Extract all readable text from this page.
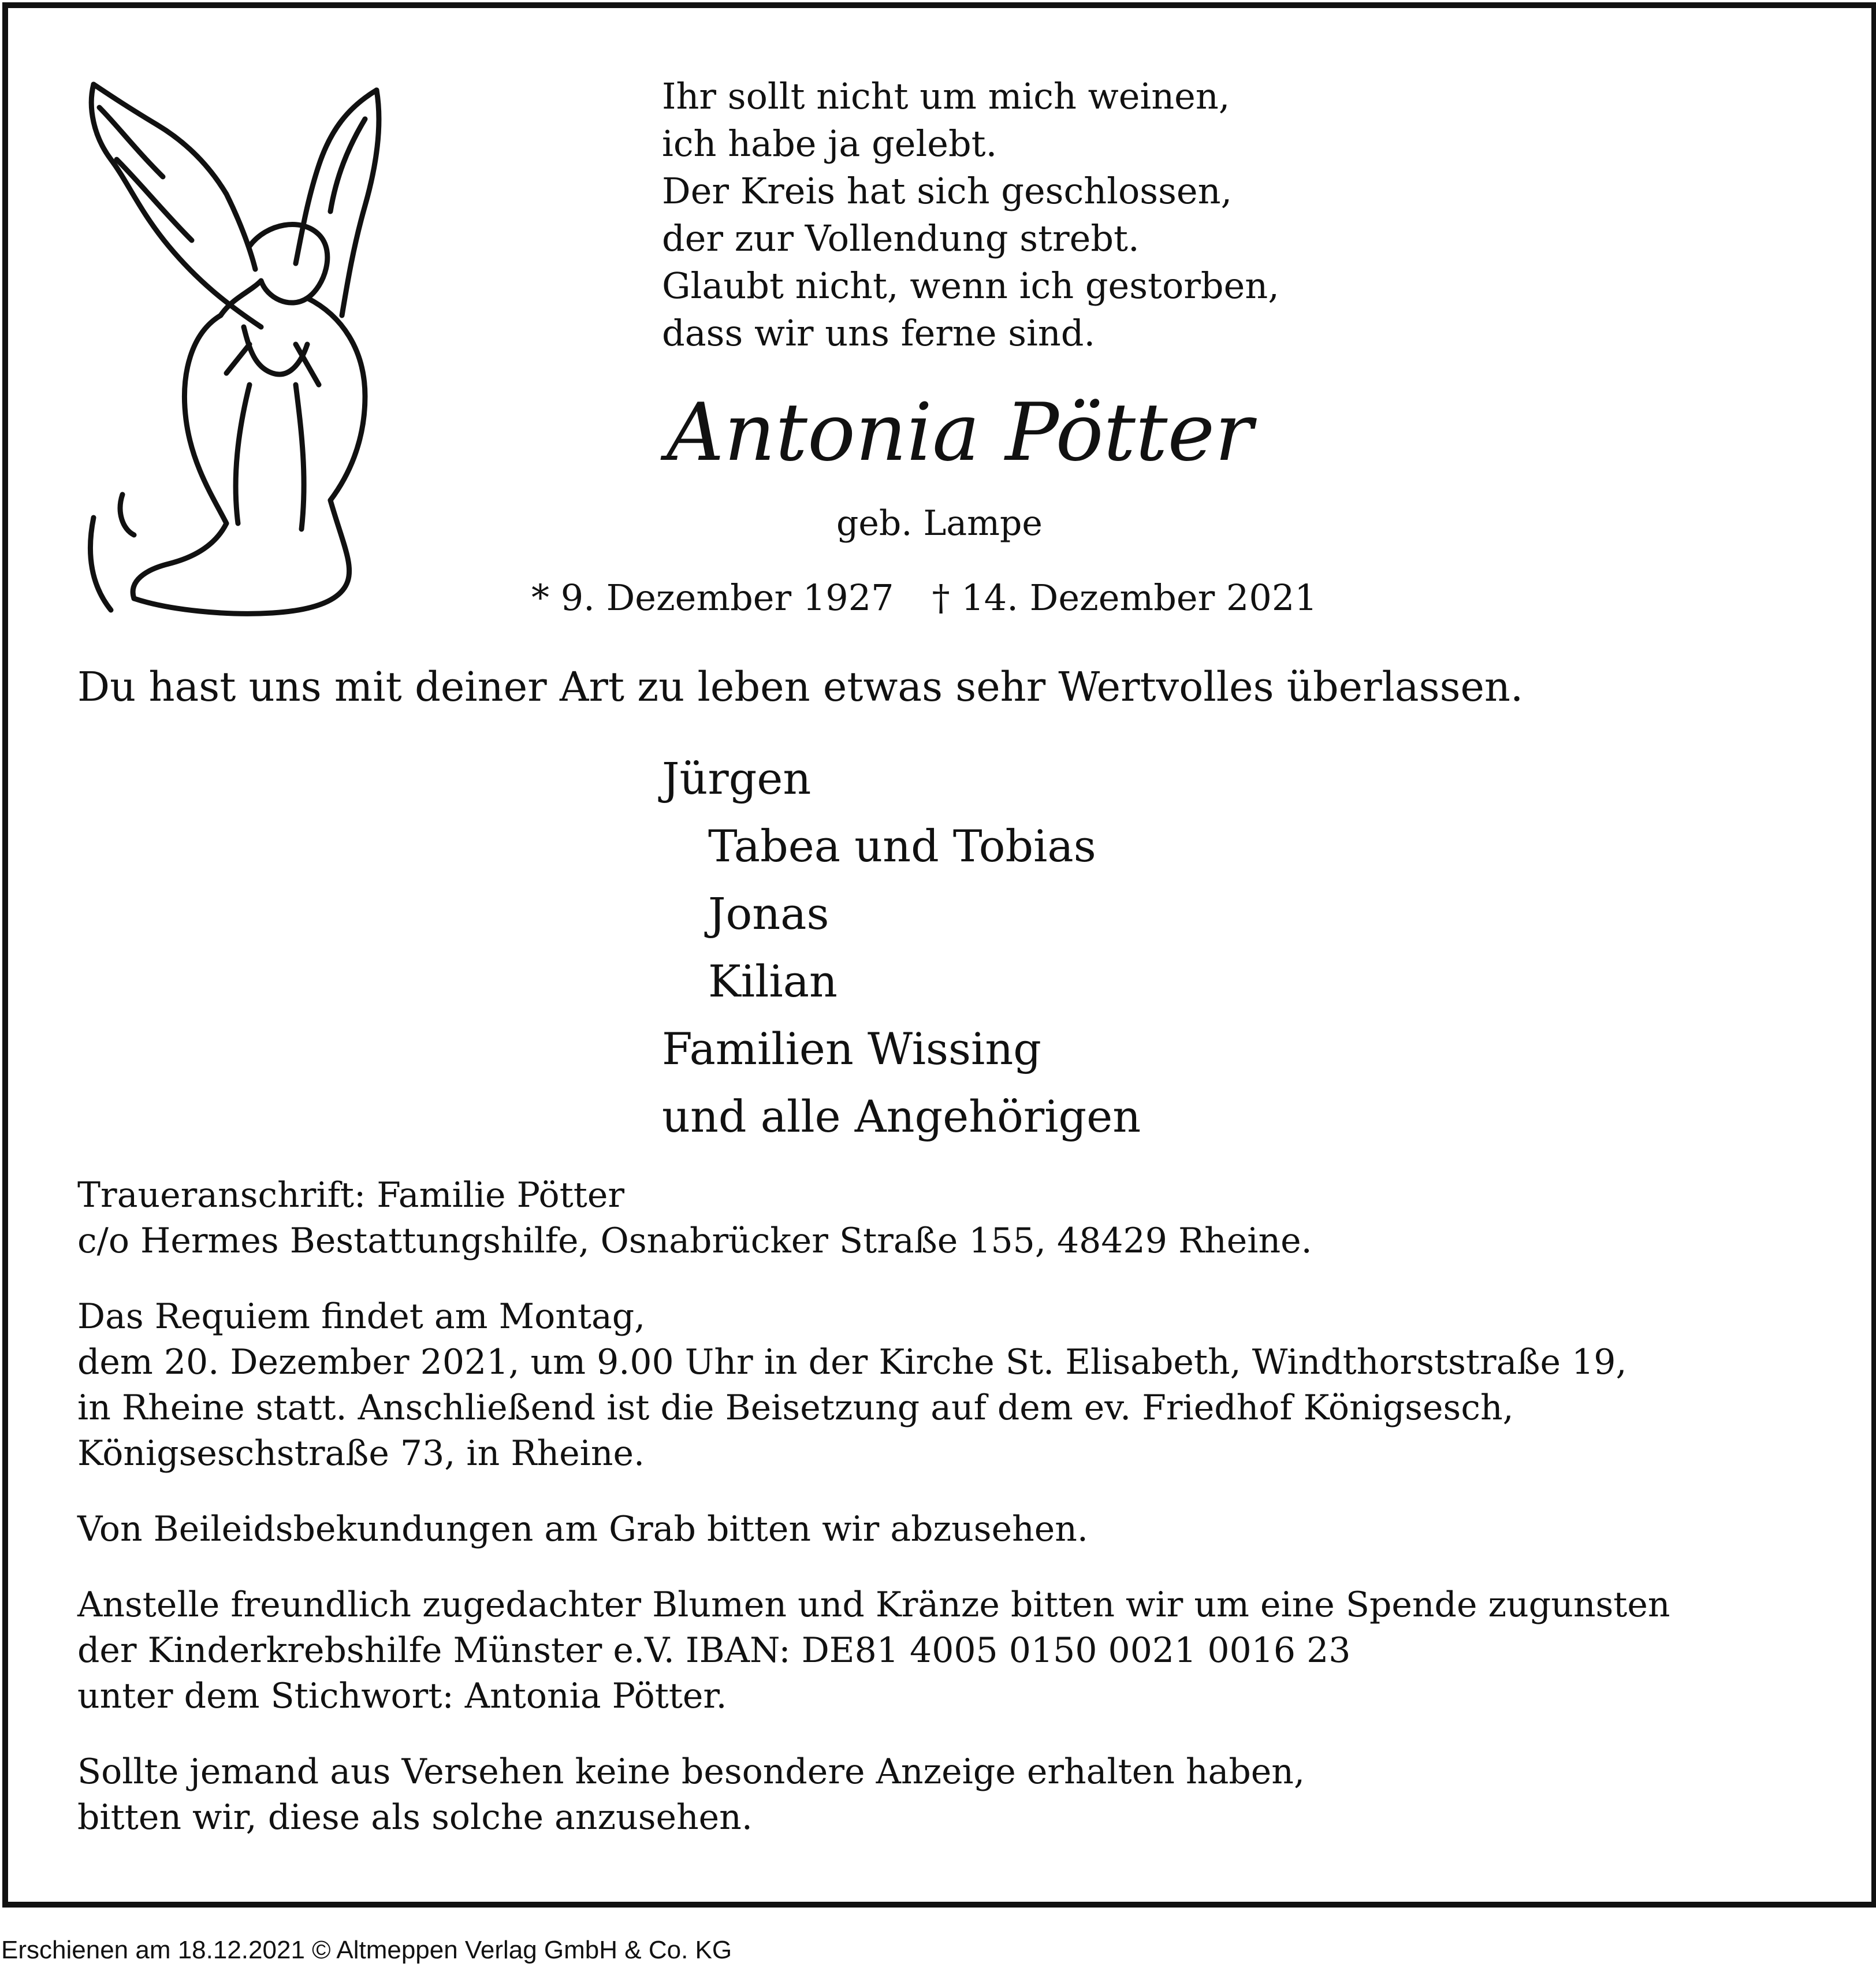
Ihr sollt nicht um mich weinen,
ich habe ja gelebt.
Der Kreis hat sich geschlossen,
der zur Vollendung strebt.
Glaubt nicht, wenn ich gestorben,
dass wir uns ferne sind.
Antonia Pötter
geb. Lampe
* 9. Dezember 1927 † 14. Dezember 2021
Du hast uns mit deiner Art zu leben etwas sehr Wertvolles überlassen.
Jürgen
Tabea und Tobias
Jonas
Kilian
Familien Wissing
und alle Angehörigen
Traueranschrift: Familie Pötter
c/o Hermes Bestattungshilfe, Osnabrücker Straße 155, 48429 Rheine.
Das Requiem findet am Montag,
dem 20. Dezember 2021, um 9.00 Uhr in der Kirche St. Elisabeth, Windthorststraße 19,
in Rheine statt. Anschließend ist die Beisetzung auf dem ev. Friedhof Königsesch,
Königseschstraße 73, in Rheine.
Von Beileidsbekundungen am Grab bitten wir abzusehen.
Anstelle freundlich zugedachter Blumen und Kränze bitten wir um eine Spende zugunsten
der Kinderkrebshilfe Münster e.V. IBAN: DE81 4005 0150 0021 0016 23
unter dem Stichwort: Antonia Pötter.
Sollte jemand aus Versehen keine besondere Anzeige erhalten haben,
bitten wir, diese als solche anzusehen.
Erschienen am 18.12.2021 © Altmeppen Verlag GmbH & Co. KG
